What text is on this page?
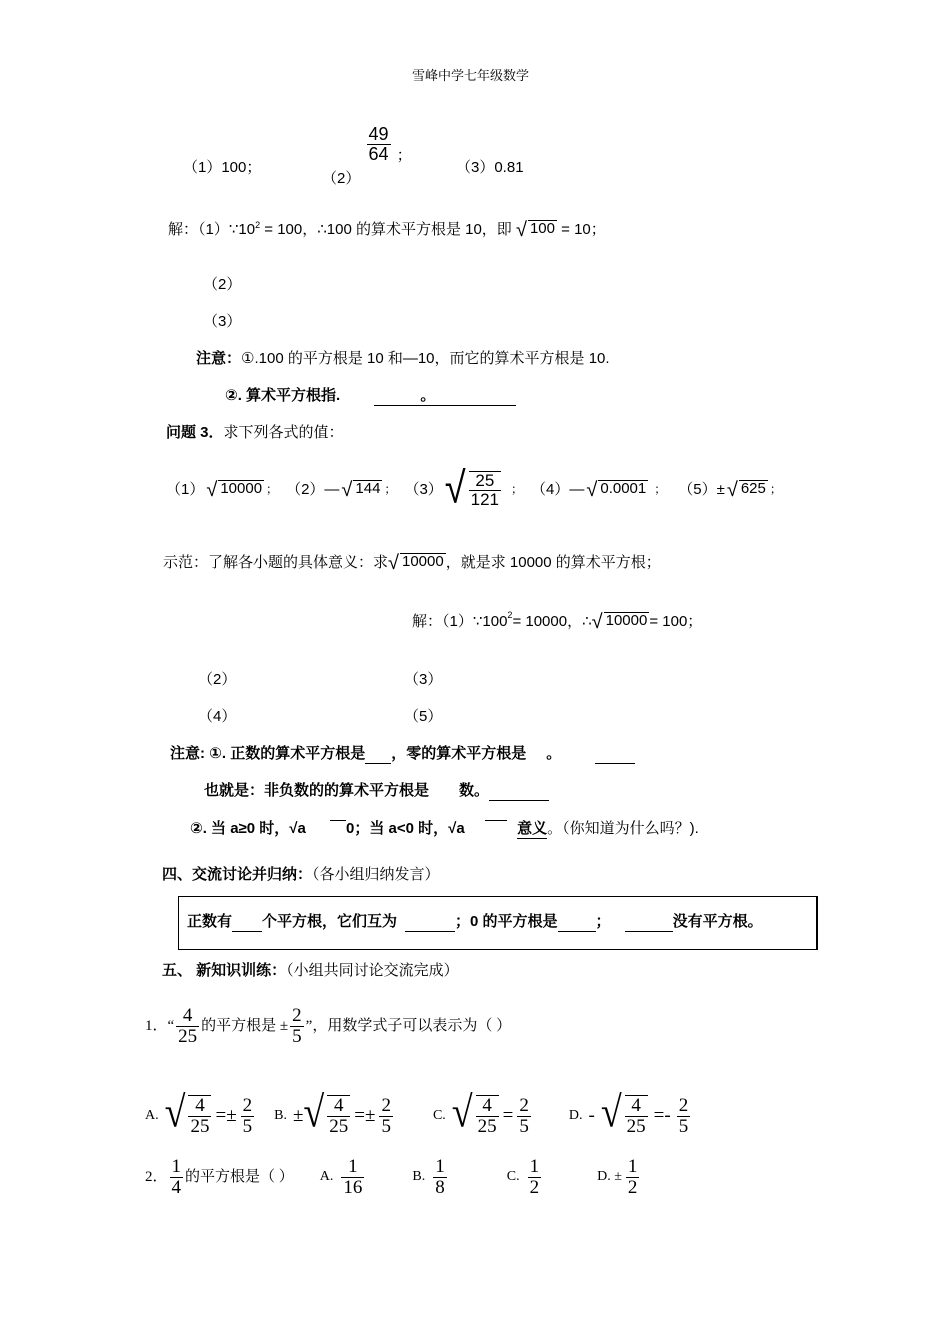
雪峰中学七年级数学
（1）100；
（2）
$\frac{49}{64}$ ；
（3）0.81
解：$(1)\because 10^2 = 100$，∴100 的算术平方根是 10，即 √ 100 = 10；
（2）
（3）
注意：①.100 的平方根是 10 和—10，而它的算术平方根是 10.
②. 算术平方根指.	。

问题 3．求下列各式的值：
（1） √ 10000 ； （2）— √ 144 ； （3） √ $\frac{25}{121}$ ； （4）— √ 0.0001 ； （5）± √ 625 ；
示范：了解各小题的具体意义：求 √ 10000 ，就是求 10000 的算术平方根；
解：$(1)\because 100^2 = 10000$，∴ √ 10000 = 100；
（2）	（3）
（4）	（5）
注意: ①. 正数的算术平方根是 ，零的算术平方根是 。
也就是：非负数的的算术平方根是 数。
②. 当 a≥0 时，√a	0；当 a<0 时，√a	意义。（你知道为什么吗？).
四、交流讨论并归纳：（各小组归纳发言）
正数有 个平方根，它们互为	；0 的平方根是	；	没有平方根。
五、 新知识训练：（小组共同讨论交流完成）
1．“ $\frac{4}{25}$ 的平方根是 ± $\frac{2}{5}$ ”，用数学式子可以表示为（ ）
A. √ $\frac{4}{25} =\pm \frac{2}{5} B$. ± √ $\frac{4}{25} =\pm \frac{2}{5}$	C. √ $\frac{4}{25} = \frac{2}{5}$	D. - √ $\frac{4}{25} =- \frac{2}{5}$
2． $\frac{1}{4}$ 的平方根是（ ） A. $\frac{1}{16}$	B. $\frac{1}{8}$	C. $\frac{1}{2}$	D. ± $\frac{1}{2}$
